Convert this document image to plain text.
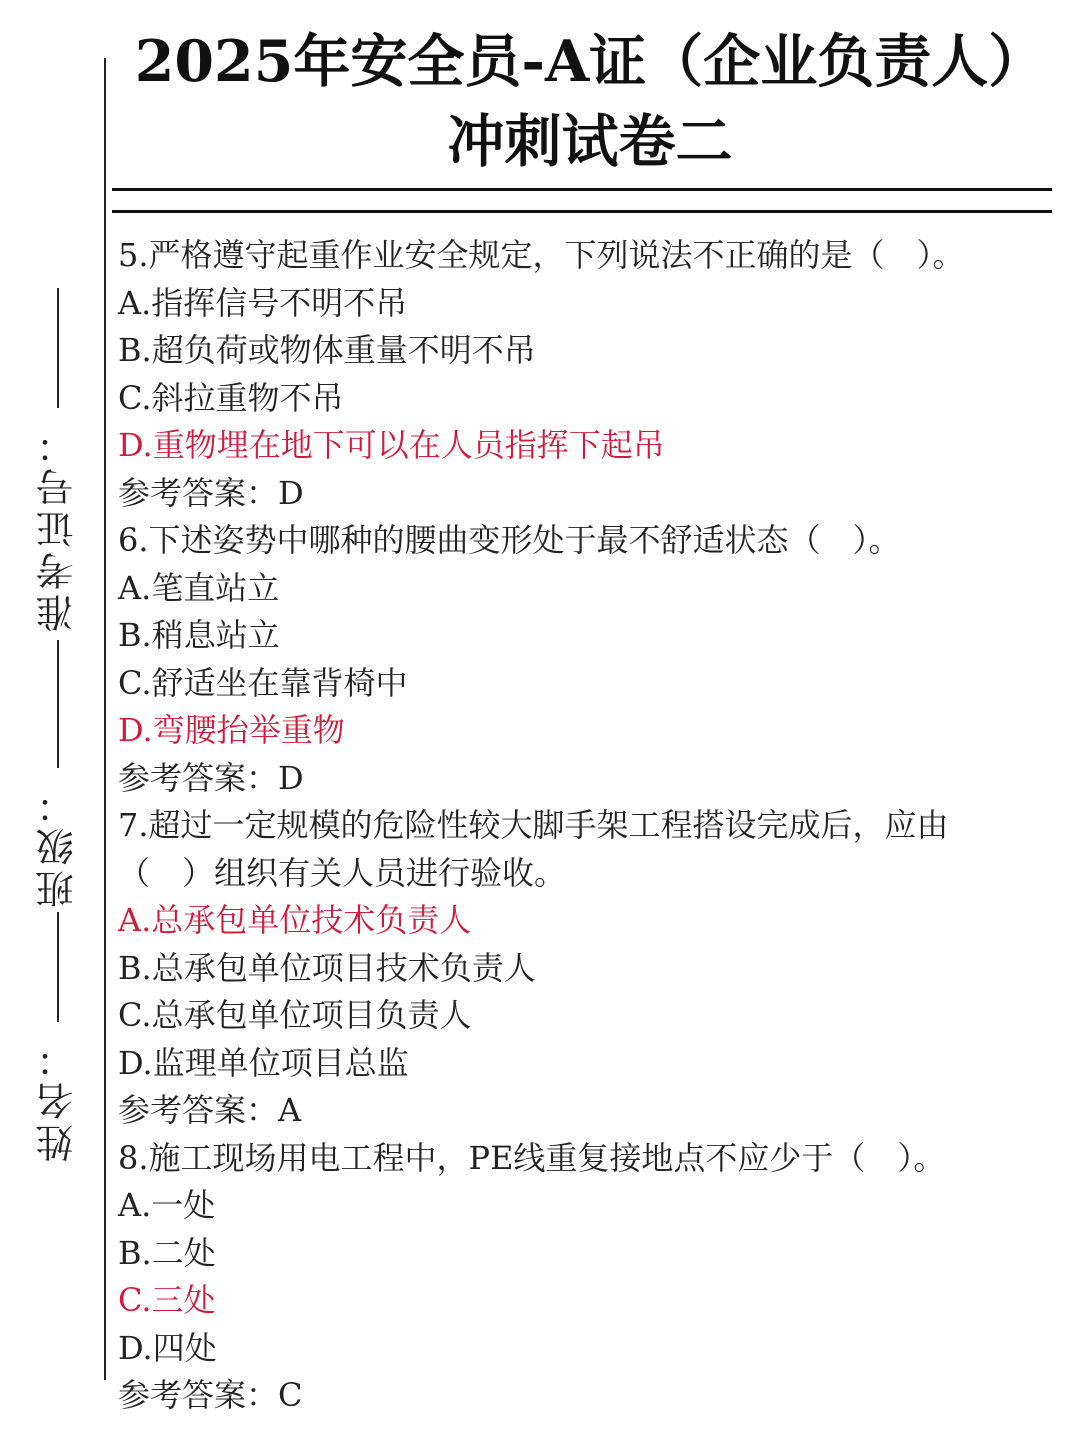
准考证号：
班级：
姓名：
2025年安全员-A证（企业负责人）
冲刺试卷二
5.严格遵守起重作业安全规定，下列说法不正确的是（　）。
A.指挥信号不明不吊
B.超负荷或物体重量不明不吊
C.斜拉重物不吊
D.重物埋在地下可以在人员指挥下起吊
参考答案：D
6.下述姿势中哪种的腰曲变形处于最不舒适状态（　）。
A.笔直站立
B.稍息站立
C.舒适坐在靠背椅中
D.弯腰抬举重物
参考答案：D
7.超过一定规模的危险性较大脚手架工程搭设完成后，应由
（　）组织有关人员进行验收。
A.总承包单位技术负责人
B.总承包单位项目技术负责人
C.总承包单位项目负责人
D.监理单位项目总监
参考答案：A
8.施工现场用电工程中，PE线重复接地点不应少于（　）。
A.一处
B.二处
C.三处
D.四处
参考答案：C
